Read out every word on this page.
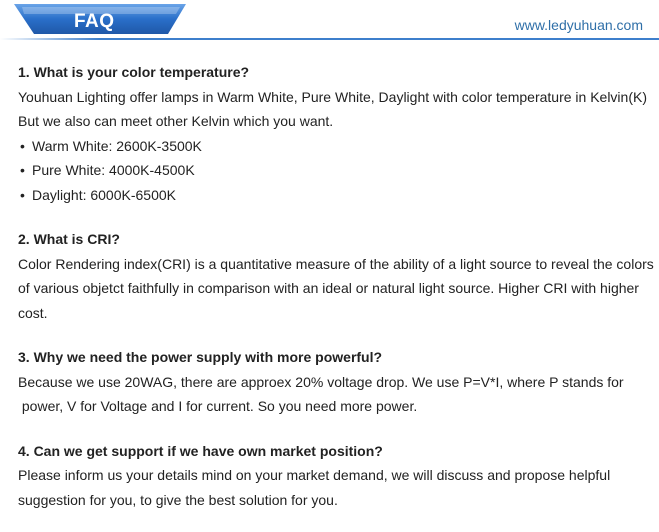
FAQ	www.ledyuhuan.com
1. What is your color temperature?
Youhuan Lighting offer lamps in Warm White, Pure White, Daylight with color temperature in Kelvin(K)
But we also can meet other Kelvin which you want.
• Warm White: 2600K-3500K
• Pure White: 4000K-4500K
• Daylight: 6000K-6500K
2. What is CRI?
Color Rendering index(CRI) is a quantitative measure of the ability of a light source to reveal the colors
of various objetct faithfully in comparison with an ideal or natural light source. Higher CRI with higher
cost.
3. Why we need the power supply with more powerful?
Because we use 20WAG, there are approex 20% voltage drop. We use P=V*I, where P stands for
power, V for Voltage and I for current. So you need more power.
4. Can we get support if we have own market position?
Please inform us your details mind on your market demand, we will discuss and propose helpful
suggestion for you, to give the best solution for you.
